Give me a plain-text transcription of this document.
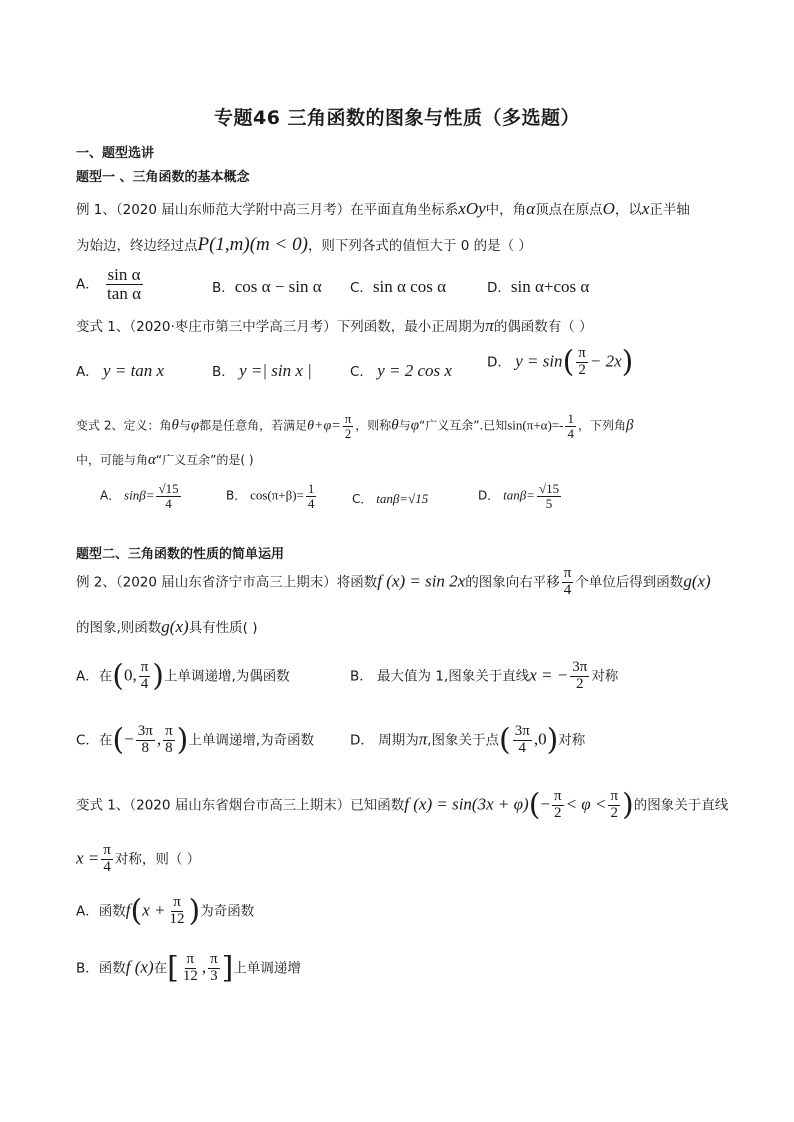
专题46 三角函数的图象与性质（多选题）
一、题型选讲
题型一 、三角函数的基本概念
例 1、（2020 届山东师范大学附中高三月考）在平面直角坐标系xOy中，角α顶点在原点O，以x正半轴
为始边，终边经过点P(1,m)(m < 0)，则下列各式的值恒大于 0 的是（ ）
A． $\frac{\text{sin α}}{\text{tan α}}$	B．cos α − sin α C．sin α cos α	D．sin α+cos α
变式 1、（2020·枣庄市第三中学高三月考）下列函数，最小正周期为π的偶函数有（ ）
A． y = tan x	B． y =| sin x |	C． y = 2 cos x	D． $y = \sin( \frac{\pi}{2} - 2x)$
变式 2、定义：角θ与φ都是任意角，若满足$\theta+\varphi= \frac{\pi}{2}$ ，则称θ与φ“广义互余”.已知$\sin(\pi+\alpha)=- \frac{1}{4}$ ，下列角β
中，可能与角α“广义互余”的是( )
A． $\sin\beta= \frac{√15}{4}$	B． $\cos(\pi+\beta)= \frac{1}{4}$	C． tanβ=√15	D． $\tan\beta= \frac{√15}{5}$
题型二、三角函数的性质的简单运用
例 2、（2020 届山东省济宁市高三上期末）将函数f (x) = sin 2x的图象向右平移 $\frac{\pi}{4}$ 个单位后得到函数g(x)
的图象,则函数g(x)具有性质( )
A．在(0, $\frac{\pi}{4}$ )上单调递增,为偶函数	B． 最大值为 1,图象关于直线x = − $\frac{3\pi}{2}$ 对称
C．在(− $\frac{3\pi}{8}$ , $\frac{\pi}{8}$ )上单调递增,为奇函数	D． 周期为π,图象关于点( $\frac{3\pi}{4} ,0$)对称
变式 1、（2020 届山东省烟台市高三上期末）已知函数f $(x) = \sin(3x + \varphi)(- \frac{\pi}{2} < \varphi < \frac{\pi}{2}$ )的图象关于直线
$x = \frac{\pi}{4}$ 对称，则（ ）
A．函数$f(x + \frac{\pi}{12}$ )为奇函数
B．函数f (x)在[ $\frac{\pi}{12}$ , $\frac{\pi}{3}$ ]上单调递增
